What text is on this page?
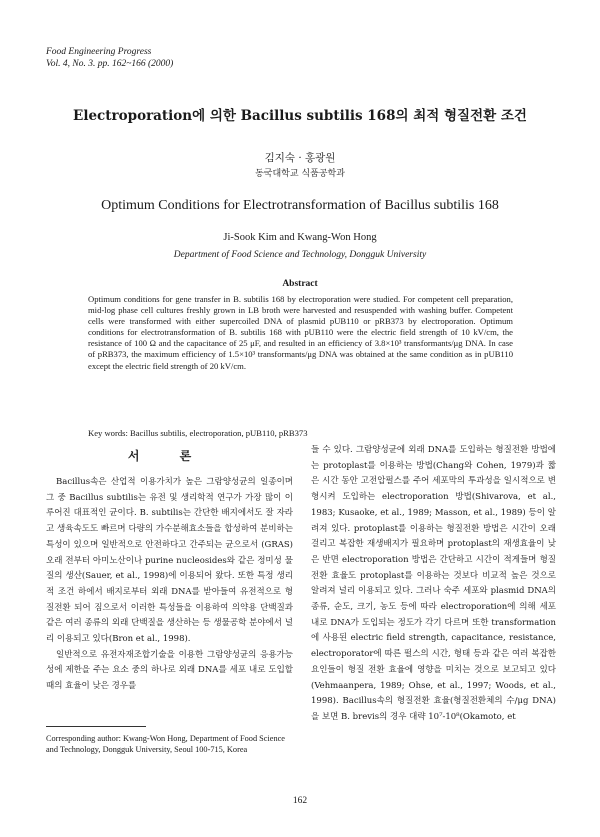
Food Engineering Progress
Vol. 4, No. 3. pp. 162~166 (2000)
Electroporation에 의한 Bacillus subtilis 168의 최적 형질전환 조건
김지숙 · 홍광원
동국대학교 식품공학과
Optimum Conditions for Electrotransformation of Bacillus subtilis 168
Ji-Sook Kim and Kwang-Won Hong
Department of Food Science and Technology, Dongguk University
Abstract
Optimum conditions for gene transfer in B. subtilis 168 by electroporation were studied. For competent cell preparation, mid-log phase cell cultures freshly grown in LB broth were harvested and resuspended with washing buffer. Competent cells were transformed with either supercoiled DNA of plasmid pUB110 or pRB373 by electroporation. Optimum conditions for electrotransformation of B. subtilis 168 with pUB110 were the electric field strength of 10 kV/cm, the resistance of 100 Ω and the capacitance of 25 μF, and resulted in an efficiency of 3.8×10³ transformants/μg DNA. In case of pRB373, the maximum efficiency of 1.5×10³ transformants/μg DNA was obtained at the same condition as in pUB110 except the electric field strength of 20 kV/cm.
Key words: Bacillus subtilis, electroporation, pUB110, pRB373
서 론

Bacillus속은 산업적 이용가치가 높은 그람양성균의 일종이며 그 중 Bacillus subtilis는 유전 및 생리학적 연구가 가장 많이 이루어진 대표적인 균이다. B. subtilis는 간단한 배지에서도 잘 자라고 생육속도도 빠르며 다량의 가수분해효소들을 합성하여 분비하는 특성이 있으며 일반적으로 안전하다고 간주되는 균으로서 (GRAS) 오래 전부터 아미노산이나 purine nucleosides와 같은 정미성 물질의 생산(Sauer, et al., 1998)에 이용되어 왔다. 또한 특정 생리적 조건 하에서 배지로부터 외래 DNA를 받아들여 유전적으로 형질전환 되어 짐으로서 이러한 특성들을 이용하여 의약용 단백질과 같은 여러 종류의 외래 단백질을 생산하는 등 생물공학 분야에서 널리 이용되고 있다(Bron et al., 1998).

일반적으로 유전자재조합기술을 이용한 그람양성균의 응용가능성에 제한을 주는 요소 중의 하나로 외래 DNA를 세포 내로 도입할 때의 효율이 낮은 경우를

들 수 있다. 그람양성균에 외래 DNA를 도입하는 형질전환 방법에는 protoplast를 이용하는 방법(Chang와 Cohen, 1979)과 짧은 시간 동안 고전압펄스를 주어 세포막의 투과성을 일시적으로 변형시켜 도입하는 electroporation 방법(Shivarova, et al., 1983; Kusaoke, et al., 1989; Masson, et al., 1989) 등이 알려져 있다. protoplast를 이용하는 형질전환 방법은 시간이 오래 걸리고 복잡한 재생배지가 필요하며 protoplast의 재생효율이 낮은 반면 electroporation 방법은 간단하고 시간이 적게들며 형질전환 효율도 protoplast를 이용하는 것보다 비교적 높은 것으로 알려져 널리 이용되고 있다. 그러나 숙주 세포와 plasmid DNA의 종류, 순도, 크기, 농도 등에 따라 electroporation에 의해 세포 내로 DNA가 도입되는 정도가 각기 다르며 또한 transformation에 사용된 electric field strength, capacitance, resistance, electroporator에 따른 펄스의 시간, 형태 등과 같은 여러 복잡한 요인들이 형질 전환 효율에 영향을 미치는 것으로 보고되고 있다(Vehmaanpera, 1989; Ohse, et al., 1997; Woods, et al., 1998). Bacillus속의 형질전환 효율(형질전환체의 수/μg DNA)을 보면 B. brevis의 경우 대략 10⁷-10⁸(Okamoto, et

Corresponding author: Kwang-Won Hong, Department of Food Science and Technology, Dongguk University, Seoul 100-715, Korea
162
